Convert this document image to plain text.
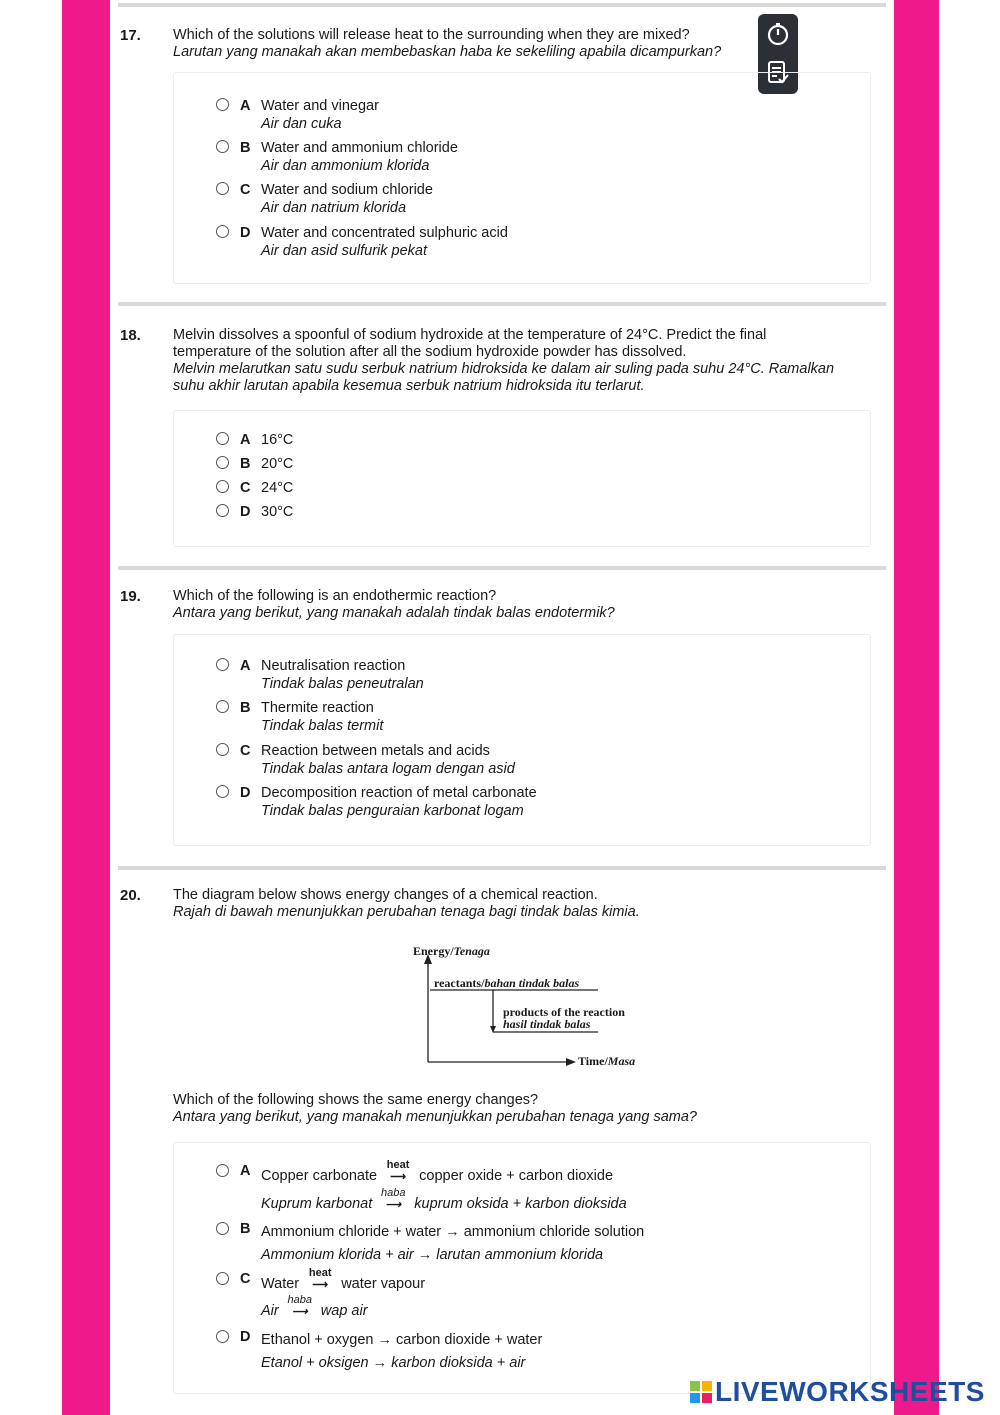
17. Which of the solutions will release heat to the surrounding when they are mixed?
Larutan yang manakah akan membebaskan haba ke sekeliling apabila dicampurkan?
A Water and vinegar
Air dan cuka
B Water and ammonium chloride
Air dan ammonium klorida
C Water and sodium chloride
Air dan natrium klorida
D Water and concentrated sulphuric acid
Air dan asid sulfurik pekat
18. Melvin dissolves a spoonful of sodium hydroxide at the temperature of 24°C. Predict the final
temperature of the solution after all the sodium hydroxide powder has dissolved.
Melvin melarutkan satu sudu serbuk natrium hidroksida ke dalam air suling pada suhu 24°C. Ramalkan
suhu akhir larutan apabila kesemua serbuk natrium hidroksida itu terlarut.
A 16°C
B 20°C
C 24°C
D 30°C
19. Which of the following is an endothermic reaction?
Antara yang berikut, yang manakah adalah tindak balas endotermik?
A Neutralisation reaction
Tindak balas peneutralan
B Thermite reaction
Tindak balas termit
C Reaction between metals and acids
Tindak balas antara logam dengan asid
D Decomposition reaction of metal carbonate
Tindak balas penguraian karbonat logam
20. The diagram below shows energy changes of a chemical reaction.
Rajah di bawah menunjukkan perubahan tenaga bagi tindak balas kimia.
Energy/Tenaga
reactants/bahan tindak balas
products of the reaction
hasil tindak balas
Time/Masa
Which of the following shows the same energy changes?
Antara yang berikut, yang manakah menunjukkan perubahan tenaga yang sama?
A Copper carbonate
heat
⟶ copper oxide + carbon dioxide
Kuprum karbonat
haba
⟶ kuprum oksida + karbon dioksida
B Ammonium chloride + water → ammonium chloride solution
Ammonium klorida + air → larutan ammonium klorida
C Water
heat
⟶ water vapour
Air
haba
⟶ wap air
D Ethanol + oxygen → carbon dioxide + water
Etanol + oksigen → karbon dioksida + air
LIVEWORKSHEETS
